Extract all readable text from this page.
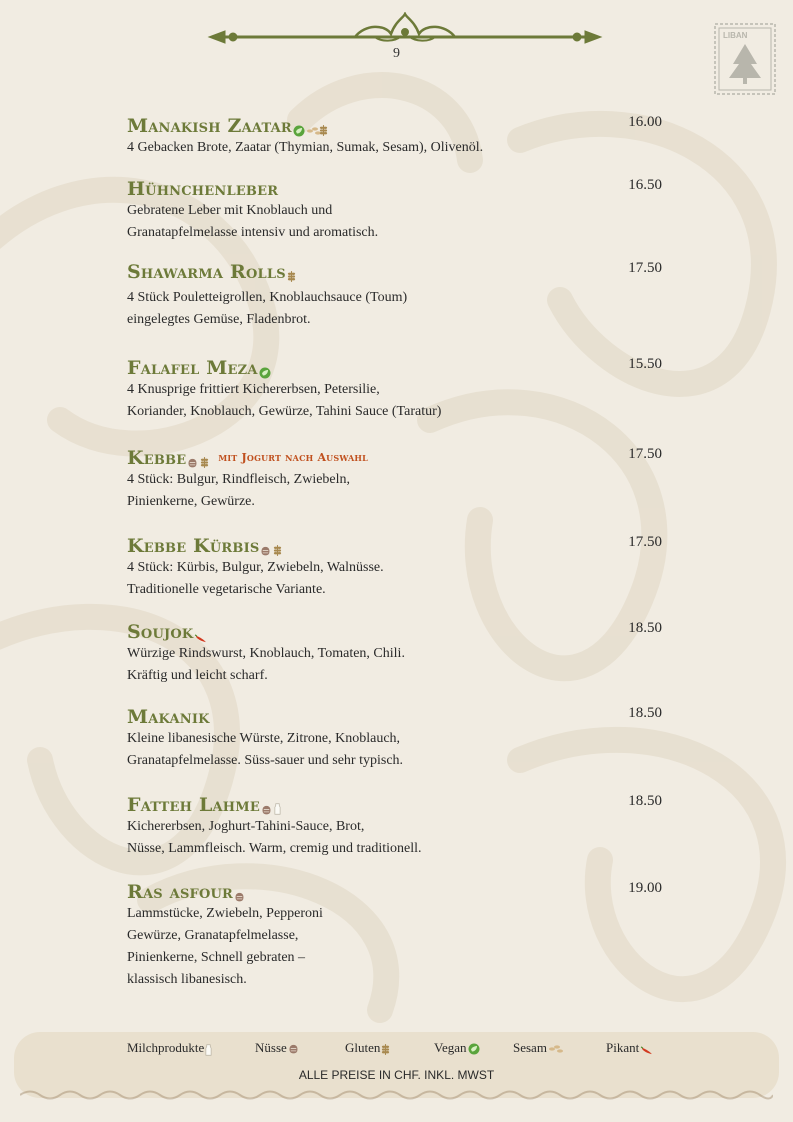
9
LIBAN
Manakish Zaatar
4 Gebacken Brote, Zaatar (Thymian, Sumak, Sesam), Olivenöl.
16.00
Hühnchenleber
Gebratene Leber mit Knoblauch und
Granatapfelmelasse intensiv und aromatisch.
16.50
Shawarma Rolls
4 Stück Pouletteigrollen, Knoblauchsauce (Toum)
eingelegtes Gemüse, Fladenbrot.
17.50
Falafel Meza
4 Knusprige frittiert Kichererbsen, Petersilie,
Koriander, Knoblauch, Gewürze, Tahini Sauce (Taratur)
15.50
Kebbe	mit Jogurt nach Auswahl
4 Stück: Bulgur, Rindfleisch, Zwiebeln,
Pinienkerne, Gewürze.
17.50
Kebbe Kürbis
4 Stück: Kürbis, Bulgur, Zwiebeln, Walnüsse.
Traditionelle vegetarische Variante.
17.50
Soujok
Würzige Rindswurst, Knoblauch, Tomaten, Chili.
Kräftig und leicht scharf.
18.50
Makanik
Kleine libanesische Würste, Zitrone, Knoblauch,
Granatapfelmelasse. Süss-sauer und sehr typisch.
18.50
Fatteh Lahme
Kichererbsen, Joghurt-Tahini-Sauce, Brot,
Nüsse, Lammfleisch. Warm, cremig und traditionell.
18.50
Ras asfour
Lammstücke, Zwiebeln, Pepperoni
Gewürze, Granatapfelmelasse,
Pinienkerne, Schnell gebraten –
klassisch libanesisch.
19.00
Milchprodukte	Nüsse	Gluten	Vegan	Sesam	Pikant
ALLE PREISE IN CHF. INKL. MWST
